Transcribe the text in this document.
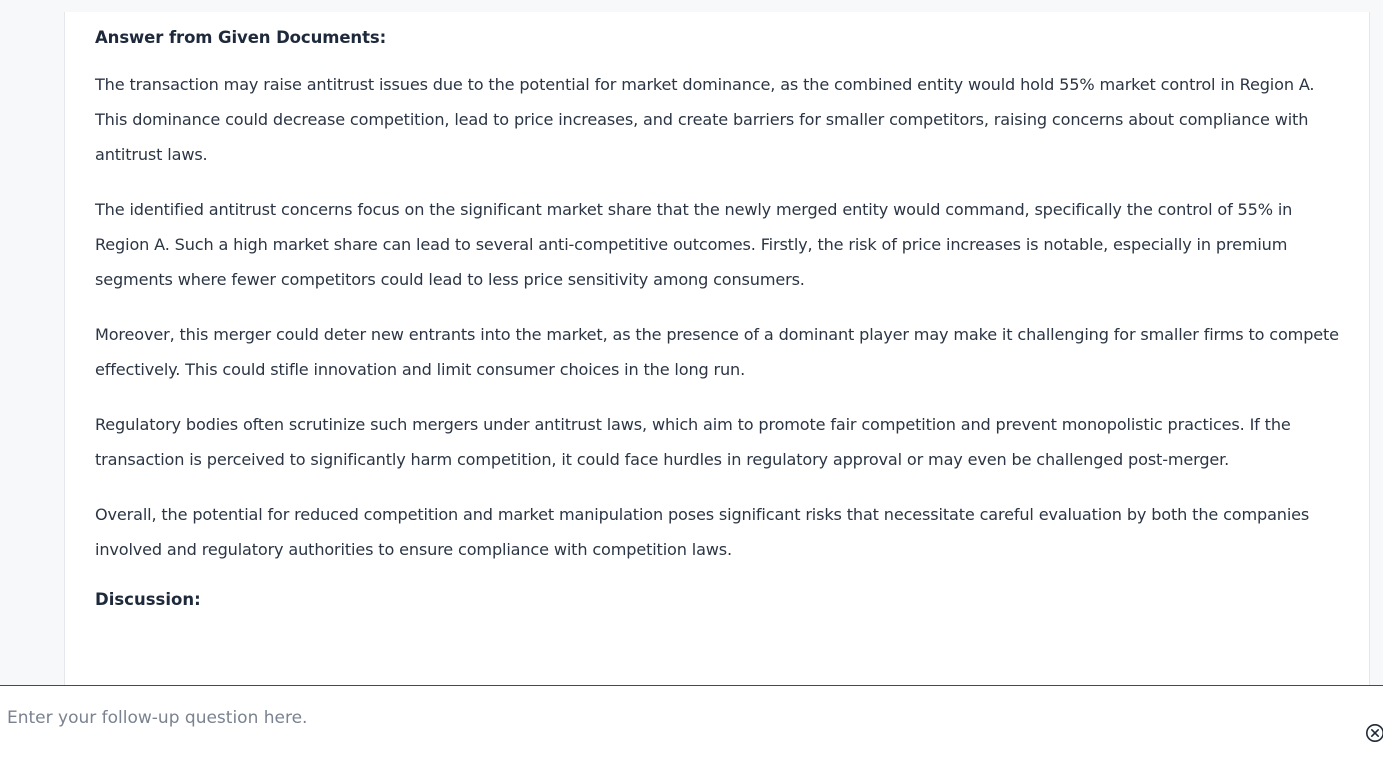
Answer from Given Documents:

The transaction may raise antitrust issues due to the potential for market dominance, as the combined entity would hold 55% market control in Region A. This dominance could decrease competition, lead to price increases, and create barriers for smaller competitors, raising concerns about compliance with antitrust laws.

The identified antitrust concerns focus on the significant market share that the newly merged entity would command, specifically the control of 55% in Region A. Such a high market share can lead to several anti-competitive outcomes. Firstly, the risk of price increases is notable, especially in premium segments where fewer competitors could lead to less price sensitivity among consumers.

Moreover, this merger could deter new entrants into the market, as the presence of a dominant player may make it challenging for smaller firms to compete effectively. This could stifle innovation and limit consumer choices in the long run.

Regulatory bodies often scrutinize such mergers under antitrust laws, which aim to promote fair competition and prevent monopolistic practices. If the transaction is perceived to significantly harm competition, it could face hurdles in regulatory approval or may even be challenged post-merger.

Overall, the potential for reduced competition and market manipulation poses significant risks that necessitate careful evaluation by both the companies involved and regulatory authorities to ensure compliance with competition laws.

Discussion:
Enter your follow-up question here.
